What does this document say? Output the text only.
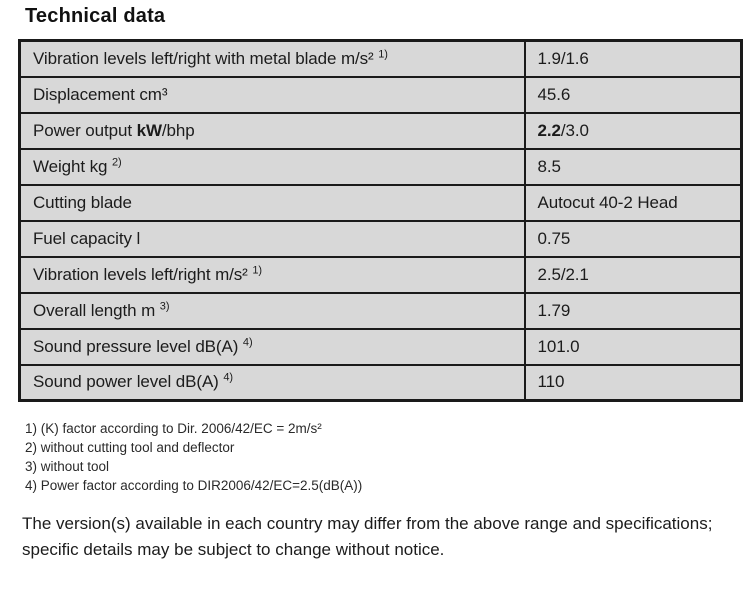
Technical data
Vibration levels left/right with metal blade m/s² $^{1)}$	1.9/1.6
Displacement cm³	45.6
Power output kW/bhp	2.2/3.0
Weight kg $^{2)}$	8.5
Cutting blade	Autocut 40-2 Head
Fuel capacity l	0.75
Vibration levels left/right m/s² $^{1)}$	2.5/2.1
Overall length m $^{3)}$	1.79
Sound pressure level dB(A) $^{4)}$	101.0
Sound power level dB(A) $^{4)}$	110
1) (K) factor according to Dir. 2006/42/EC = 2m/s²
2) without cutting tool and deflector
3) without tool
4) Power factor according to DIR2006/42/EC=2.5(dB(A))

The version(s) available in each country may differ from the above range and specifications; specific details may be subject to change without notice.
